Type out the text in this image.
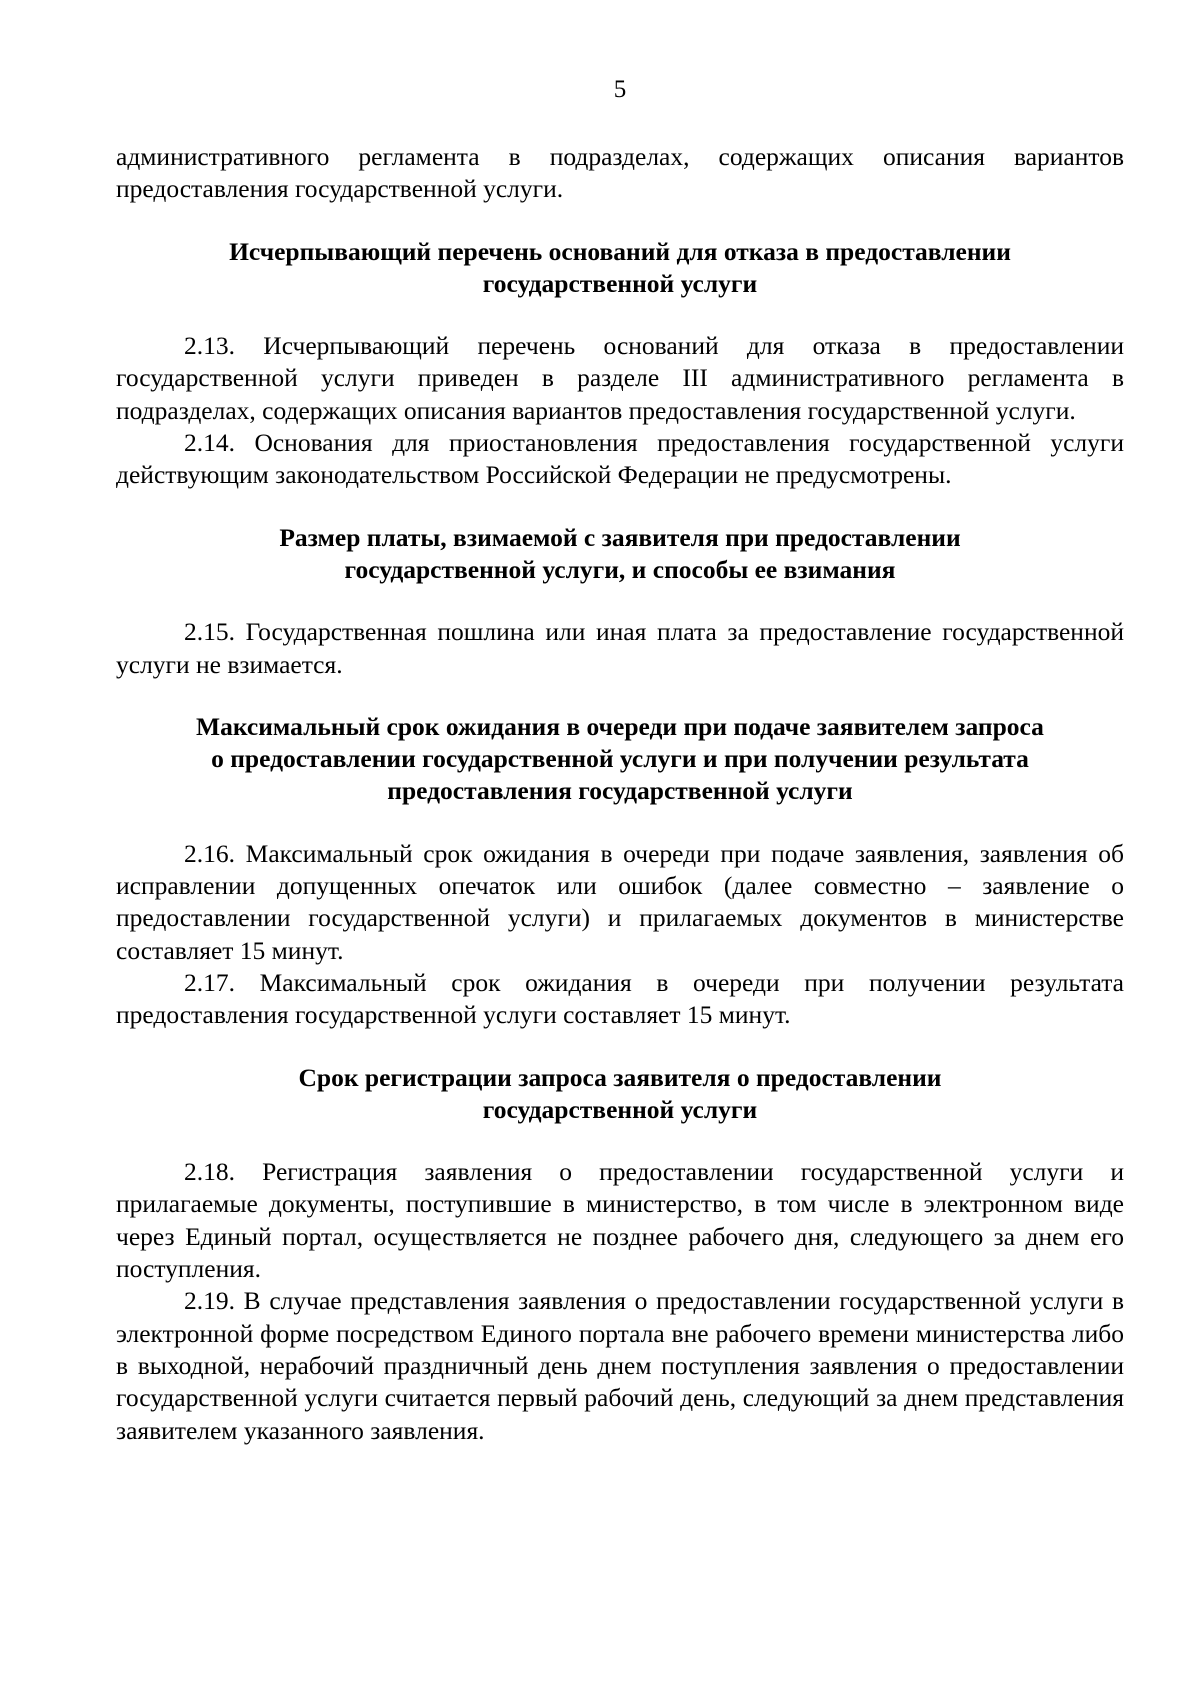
5

административного регламента в подразделах, содержащих описания вариантов предоставления государственной услуги.

Исчерпывающий перечень оснований для отказа в предоставлении
государственной услуги

2.13. Исчерпывающий перечень оснований для отказа в предоставлении государственной услуги приведен в разделе III административного регламента в подразделах, содержащих описания вариантов предоставления государственной услуги.

2.14. Основания для приостановления предоставления государственной услуги действующим законодательством Российской Федерации не предусмотрены.

Размер платы, взимаемой с заявителя при предоставлении
государственной услуги, и способы ее взимания

2.15. Государственная пошлина или иная плата за предоставление государственной услуги не взимается.

Максимальный срок ожидания в очереди при подаче заявителем запроса
о предоставлении государственной услуги и при получении результата
предоставления государственной услуги

2.16. Максимальный срок ожидания в очереди при подаче заявления, заявления об исправлении допущенных опечаток или ошибок (далее совместно – заявление о предоставлении государственной услуги) и прилагаемых документов в министерстве составляет 15 минут.

2.17. Максимальный срок ожидания в очереди при получении результата предоставления государственной услуги составляет 15 минут.

Срок регистрации запроса заявителя о предоставлении
государственной услуги

2.18. Регистрация заявления о предоставлении государственной услуги и прилагаемые документы, поступившие в министерство, в том числе в электронном виде через Единый портал, осуществляется не позднее рабочего дня, следующего за днем его поступления.

2.19. В случае представления заявления о предоставлении государственной услуги в электронной форме посредством Единого портала вне рабочего времени министерства либо в выходной, нерабочий праздничный день днем поступления заявления о предоставлении государственной услуги считается первый рабочий день, следующий за днем представления заявителем указанного заявления.
